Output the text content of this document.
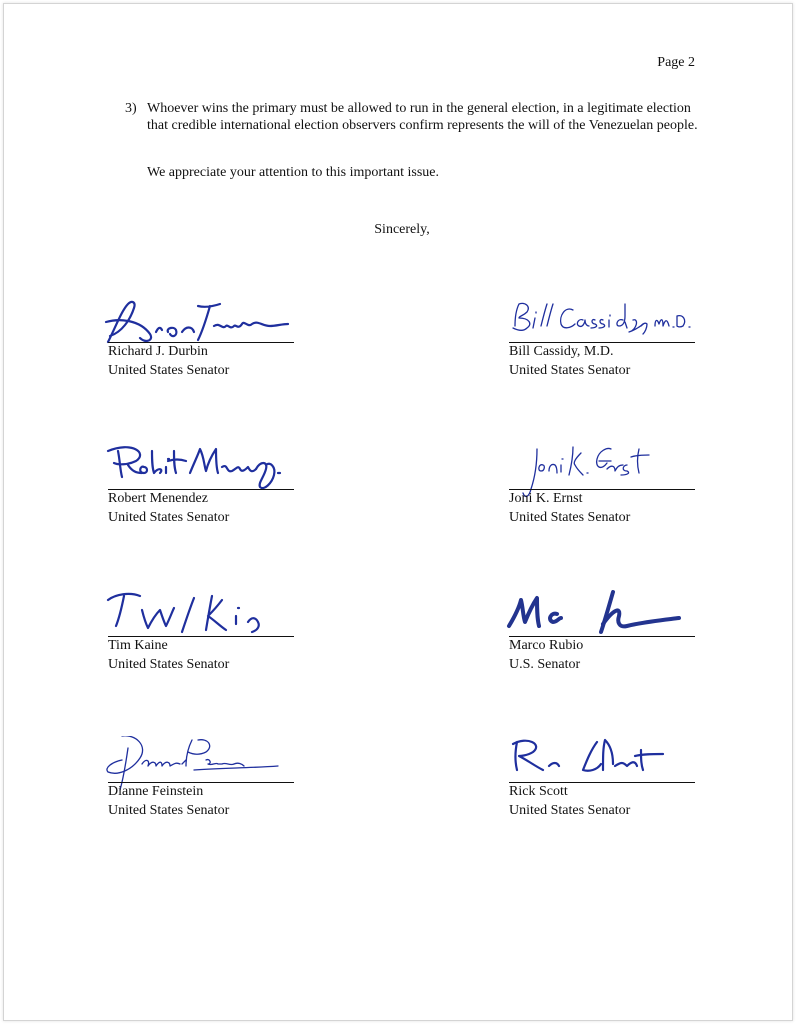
Page 2
3) Whoever wins the primary must be allowed to run in the general election, in a legitimate election that credible international election observers confirm represents the will of the Venezuelan people.
We appreciate your attention to this important issue.
Sincerely,
Richard J. Durbin
United States Senator
Bill Cassidy, M.D.
United States Senator
Robert Menendez
United States Senator
Joni K. Ernst
United States Senator
Tim Kaine
United States Senator
Marco Rubio
U.S. Senator
Dianne Feinstein
United States Senator
Rick Scott
United States Senator
